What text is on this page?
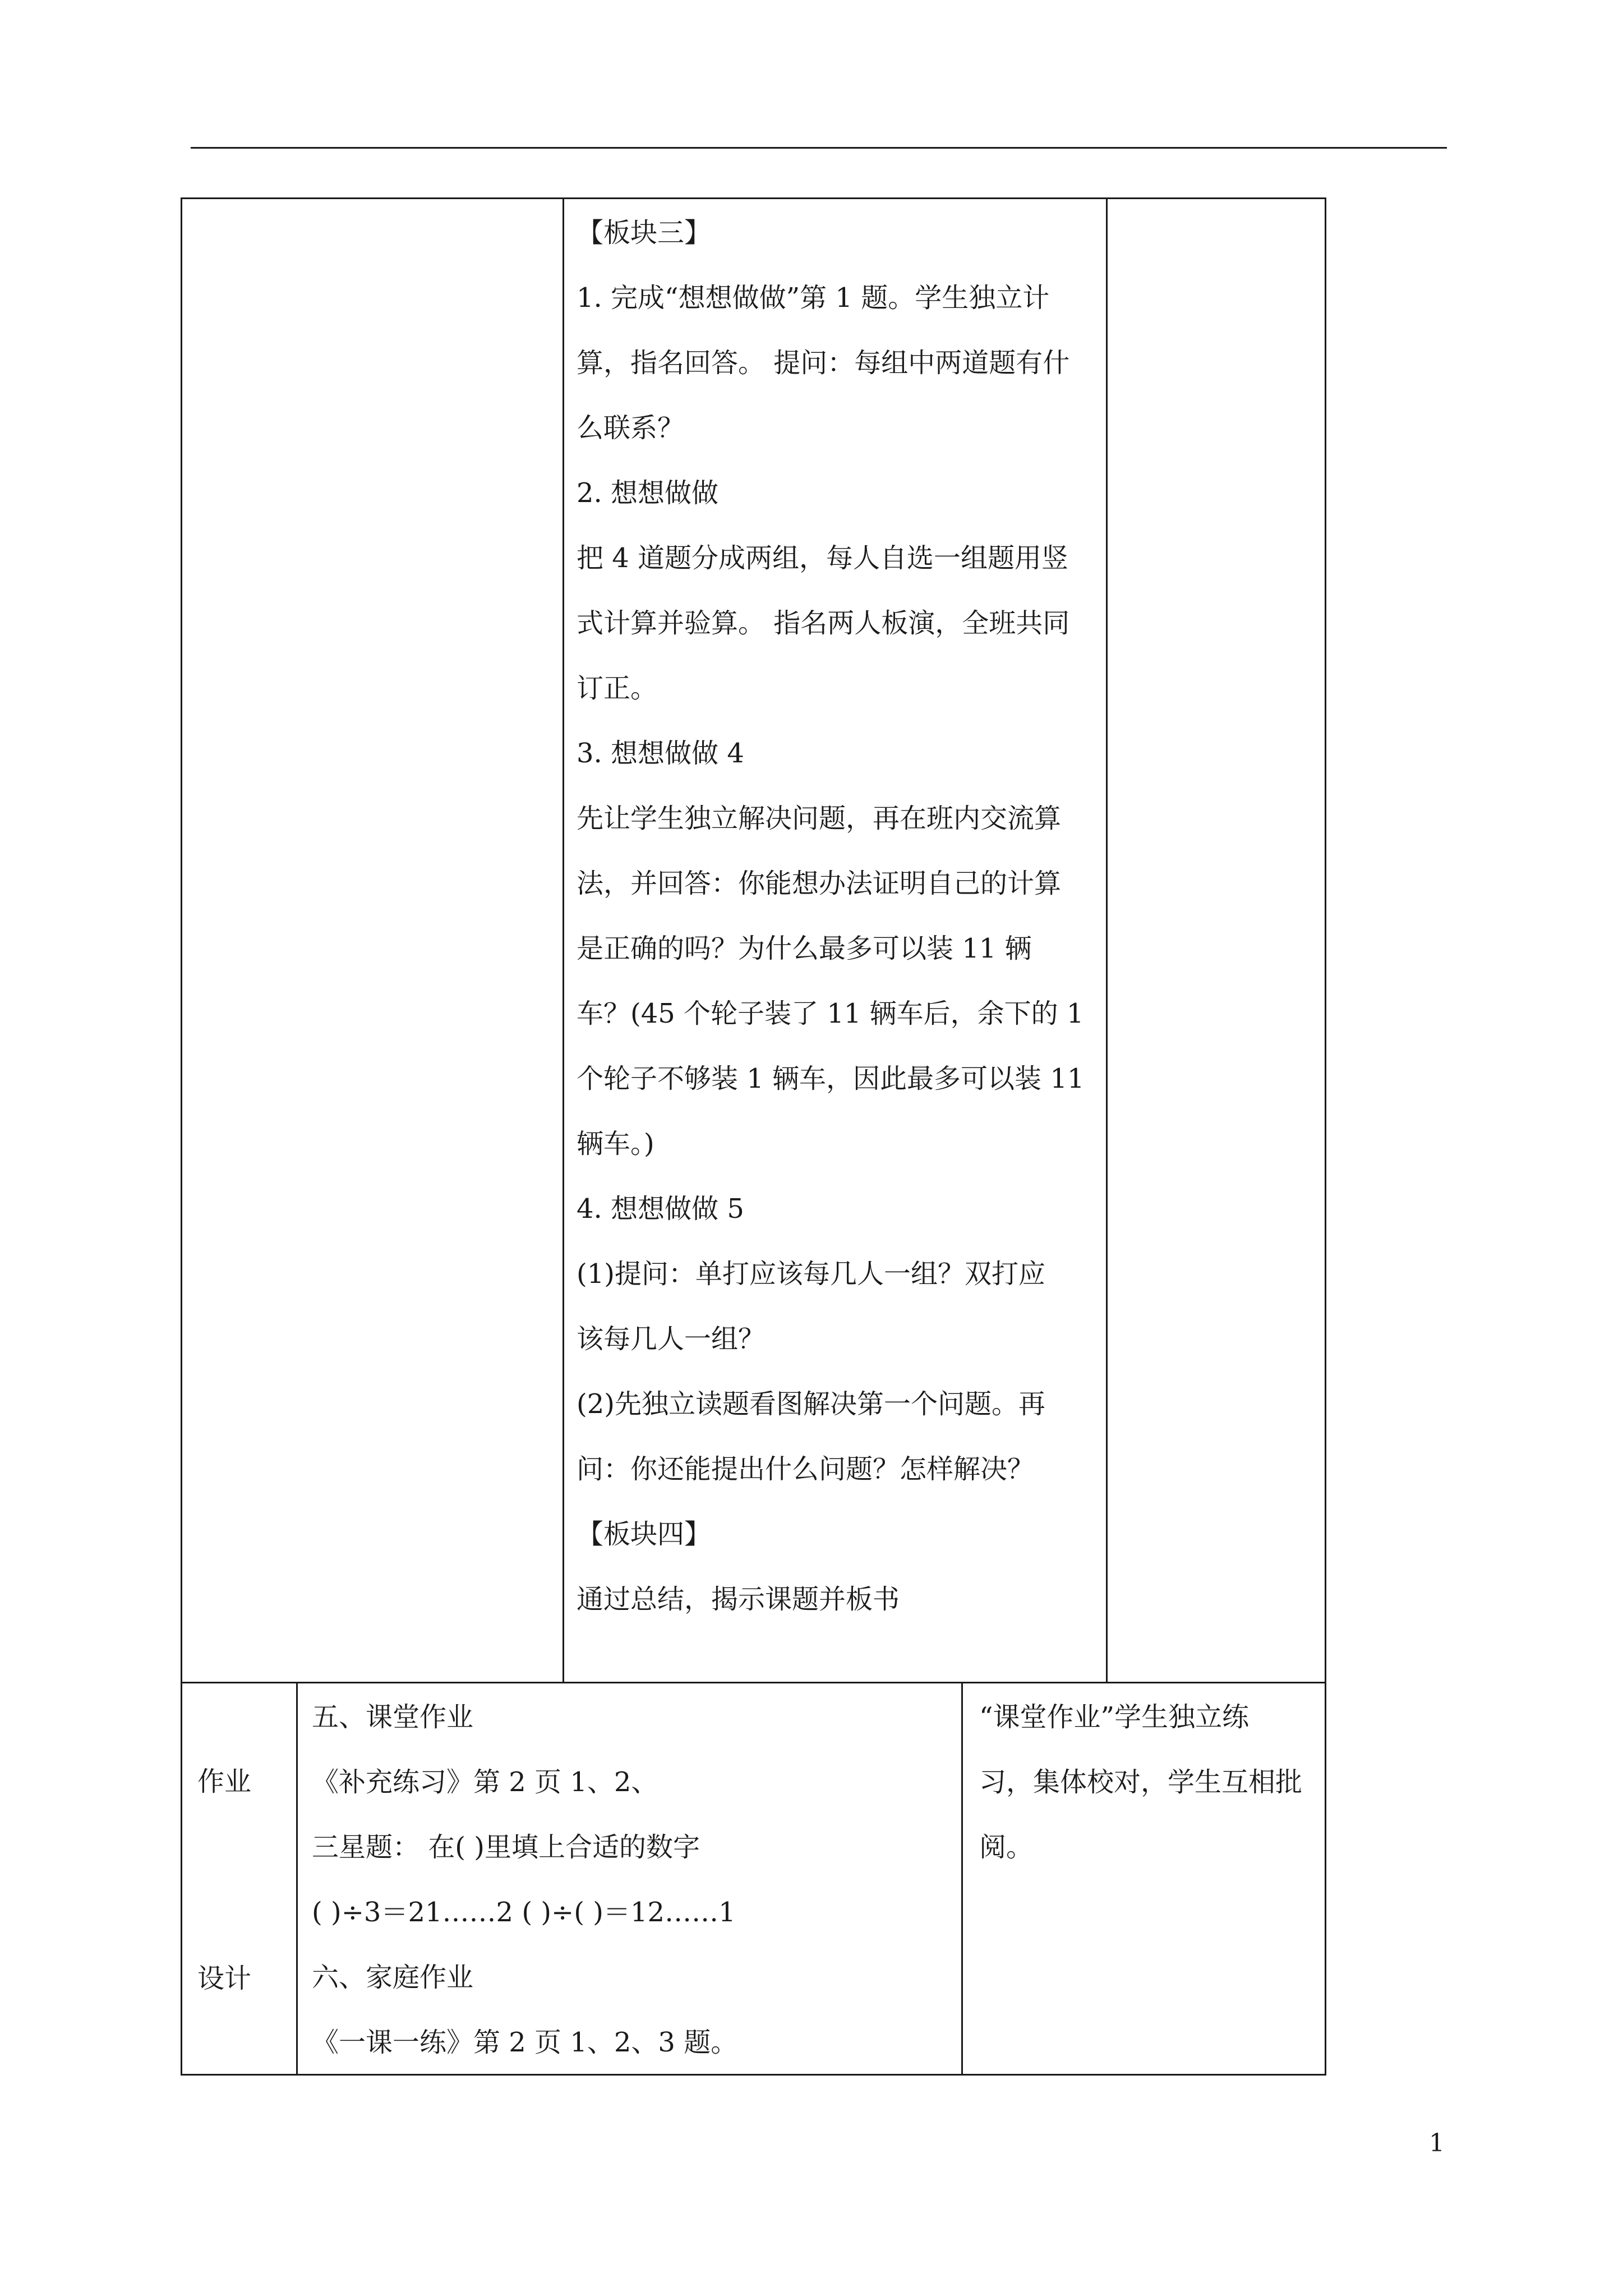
【板块三】

1. 完成“想想做做”第 1 题。学生独立计

算，指名回答。 提问：每组中两道题有什

么联系？

2. 想想做做

把 4 道题分成两组，每人自选一组题用竖

式计算并验算。 指名两人板演，全班共同

订正。

3. 想想做做 4

先让学生独立解决问题，再在班内交流算

法，并回答：你能想办法证明自己的计算

是正确的吗？为什么最多可以装 11 辆

车？(45 个轮子装了 11 辆车后，余下的 1

个轮子不够装 1 辆车，因此最多可以装 11

辆车。)

4. 想想做做 5

(1)提问：单打应该每几人一组？双打应

该每几人一组？

(2)先独立读题看图解决第一个问题。再

问：你还能提出什么问题？怎样解决？

【板块四】

通过总结，揭示课题并板书

作业
设计

五、课堂作业

《补充练习》第 2 页 1、2、

三星题： 在( )里填上合适的数字

( )÷3＝21……2 ( )÷( )＝12……1

六、家庭作业

《一课一练》第 2 页 1、2、3 题。

“课堂作业”学生独立练

习，集体校对，学生互相批

阅。

1
